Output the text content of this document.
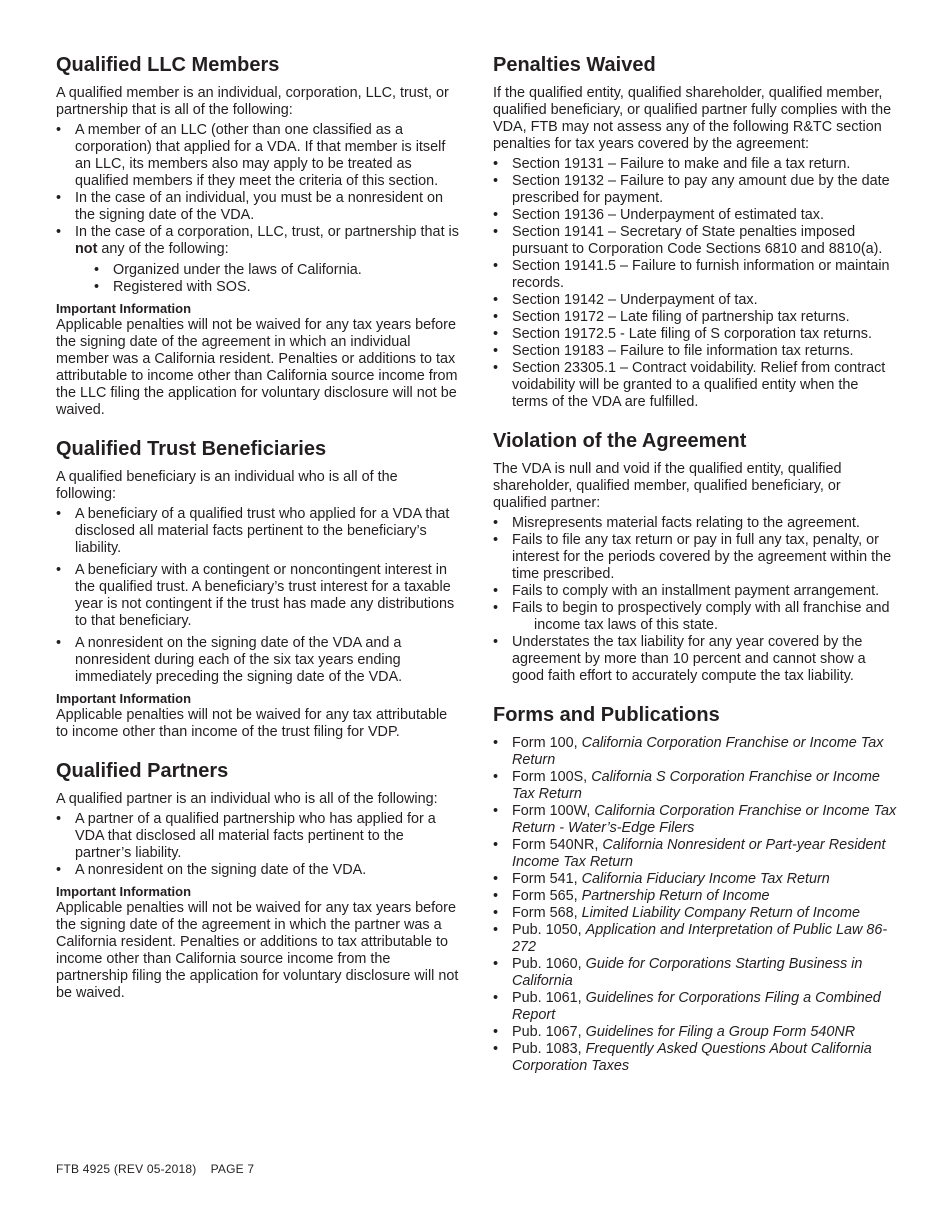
Qualified LLC Members

A qualified member is an individual, corporation, LLC, trust, or partnership that is all of the following:

• A member of an LLC (other than one classified as a corporation) that applied for a VDA. If that member is itself an LLC, its members also may apply to be treated as qualified members if they meet the criteria of this section.
• In the case of an individual, you must be a nonresident on the signing date of the VDA.
• In the case of a corporation, LLC, trust, or partnership that is not any of the following:
• Organized under the laws of California.
• Registered with SOS.
Important Information

Applicable penalties will not be waived for any tax years before the signing date of the agreement in which an individual member was a California resident. Penalties or additions to tax attributable to income other than California source income from the LLC filing the application for voluntary disclosure will not be waived.

Qualified Trust Beneficiaries

A qualified beneficiary is an individual who is all of the following:

• A beneficiary of a qualified trust who applied for a VDA that disclosed all material facts pertinent to the beneficiary’s liability.
• A beneficiary with a contingent or noncontingent interest in the qualified trust. A beneficiary’s trust interest for a taxable year is not contingent if the trust has made any distributions to that beneficiary.
• A nonresident on the signing date of the VDA and a nonresident during each of the six tax years ending immediately preceding the signing date of the VDA.
Important Information

Applicable penalties will not be waived for any tax attributable to income other than income of the trust filing for VDP.

Qualified Partners

A qualified partner is an individual who is all of the following:

• A partner of a qualified partnership who has applied for a VDA that disclosed all material facts pertinent to the partner’s liability.
• A nonresident on the signing date of the VDA.
Important Information

Applicable penalties will not be waived for any tax years before the signing date of the agreement in which the partner was a California resident. Penalties or additions to tax attributable to income other than California source income from the partnership filing the application for voluntary disclosure will not be waived.

Penalties Waived

If the qualified entity, qualified shareholder, qualified member, qualified beneficiary, or qualified partner fully complies with the VDA, FTB may not assess any of the following R&TC section penalties for tax years covered by the agreement:

• Section 19131 – Failure to make and file a tax return.
• Section 19132 – Failure to pay any amount due by the date prescribed for payment.
• Section 19136 – Underpayment of estimated tax.
• Section 19141 – Secretary of State penalties imposed pursuant to Corporation Code Sections 6810 and 8810(a).
• Section 19141.5 – Failure to furnish information or maintain records.
• Section 19142 – Underpayment of tax.
• Section 19172 – Late filing of partnership tax returns.
• Section 19172.5 - Late filing of S corporation tax returns.
• Section 19183 – Failure to file information tax returns.
• Section 23305.1 – Contract voidability. Relief from contract voidability will be granted to a qualified entity when the terms of the VDA are fulfilled.
Violation of the Agreement

The VDA is null and void if the qualified entity, qualified shareholder, qualified member, qualified beneficiary, or qualified partner:

• Misrepresents material facts relating to the agreement.
• Fails to file any tax return or pay in full any tax, penalty, or interest for the periods covered by the agreement within the time prescribed.
• Fails to comply with an installment payment arrangement.
• Fails to begin to prospectively comply with all franchise andincome tax laws of this state.
• Understates the tax liability for any year covered by the agreement by more than 10 percent and cannot show a good faith effort to accurately compute the tax liability.
Forms and Publications
• Form 100, California Corporation Franchise or Income Tax Return
• Form 100S, California S Corporation Franchise or Income Tax Return
• Form 100W, California Corporation Franchise or Income Tax Return - Water’s-Edge Filers
• Form 540NR, California Nonresident or Part-year Resident Income Tax Return
• Form 541, California Fiduciary Income Tax Return
• Form 565, Partnership Return of Income
• Form 568, Limited Liability Company Return of Income
• Pub. 1050, Application and Interpretation of Public Law 86-272
• Pub. 1060, Guide for Corporations Starting Business in California
• Pub. 1061, Guidelines for Corporations Filing a Combined Report
• Pub. 1067, Guidelines for Filing a Group Form 540NR
• Pub. 1083, Frequently Asked Questions About California Corporation Taxes
FTB 4925 (REV 05-2018)    PAGE 7
